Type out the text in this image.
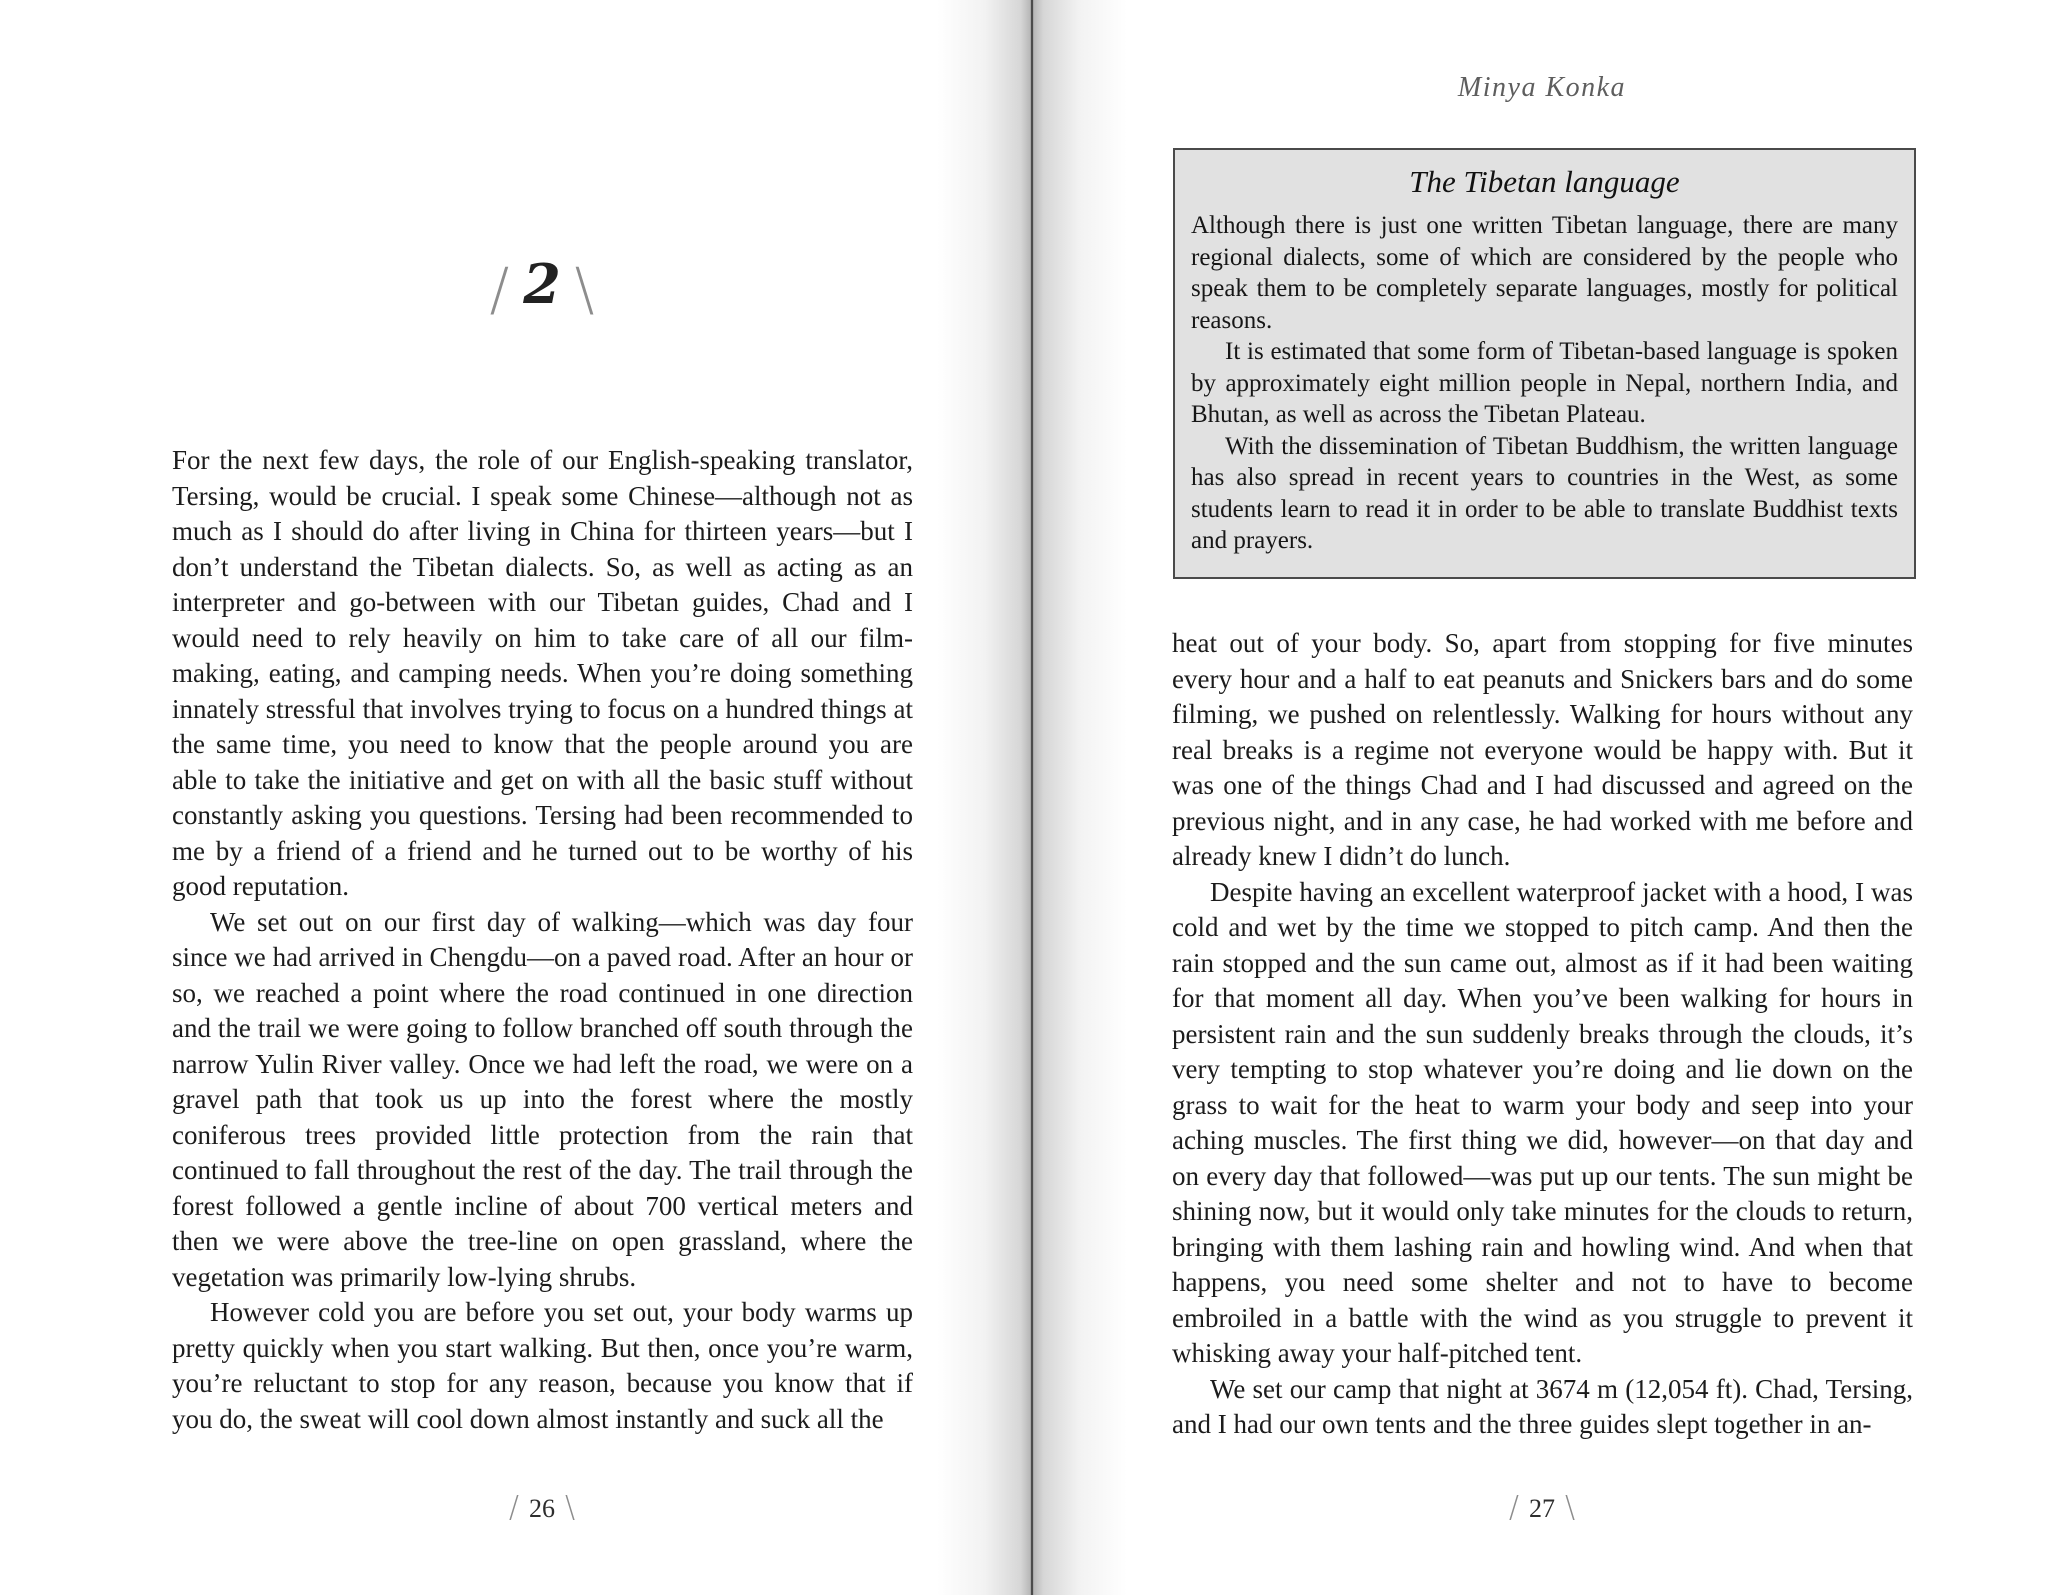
/ 2 \

For the next few days, the role of our English-speaking translator, Tersing, would be crucial. I speak some Chinese—although not as much as I should do after living in China for thirteen years—but I don’t understand the Tibetan dialects. So, as well as acting as an interpreter and go-between with our Tibetan guides, Chad and I would need to rely heavily on him to take care of all our film-making, eating, and camping needs. When you’re doing something innately stressful that involves trying to focus on a hundred things at the same time, you need to know that the people around you are able to take the initiative and get on with all the basic stuff without constantly asking you questions. Tersing had been recommended to me by a friend of a friend and he turned out to be worthy of his good reputation.

We set out on our first day of walking—which was day four since we had arrived in Chengdu—on a paved road. After an hour or so, we reached a point where the road continued in one direction and the trail we were going to follow branched off south through the narrow Yulin River valley. Once we had left the road, we were on a gravel path that took us up into the forest where the mostly coniferous trees provided little protection from the rain that continued to fall throughout the rest of the day. The trail through the forest followed a gentle incline of about 700 vertical meters and then we were above the tree-line on open grassland, where the vegetation was primarily low-lying shrubs.

However cold you are before you set out, your body warms up pretty quickly when you start walking. But then, once you’re warm, you’re reluctant to stop for any reason, because you know that if you do, the sweat will cool down almost instantly and suck all the

/ 26 \
Minya Konka
The Tibetan language

Although there is just one written Tibetan language, there are many regional dialects, some of which are considered by the people who speak them to be completely separate languages, mostly for political reasons.

It is estimated that some form of Tibetan-based language is spoken by approximately eight million people in Nepal, northern India, and Bhutan, as well as across the Tibetan Plateau.

With the dissemination of Tibetan Buddhism, the written language has also spread in recent years to countries in the West, as some students learn to read it in order to be able to translate Buddhist texts and prayers.

heat out of your body. So, apart from stopping for five minutes every hour and a half to eat peanuts and Snickers bars and do some filming, we pushed on relentlessly. Walking for hours without any real breaks is a regime not everyone would be happy with. But it was one of the things Chad and I had discussed and agreed on the previous night, and in any case, he had worked with me before and already knew I didn’t do lunch.

Despite having an excellent waterproof jacket with a hood, I was cold and wet by the time we stopped to pitch camp. And then the rain stopped and the sun came out, almost as if it had been waiting for that moment all day. When you’ve been walking for hours in persistent rain and the sun suddenly breaks through the clouds, it’s very tempting to stop whatever you’re doing and lie down on the grass to wait for the heat to warm your body and seep into your aching muscles. The first thing we did, however—on that day and on every day that followed—was put up our tents. The sun might be shining now, but it would only take minutes for the clouds to return, bringing with them lashing rain and howling wind. And when that happens, you need some shelter and not to have to become embroiled in a battle with the wind as you struggle to prevent it whisking away your half-pitched tent.

We set our camp that night at 3674 m (12,054 ft). Chad, Tersing, and I had our own tents and the three guides slept together in an-

/ 27 \
